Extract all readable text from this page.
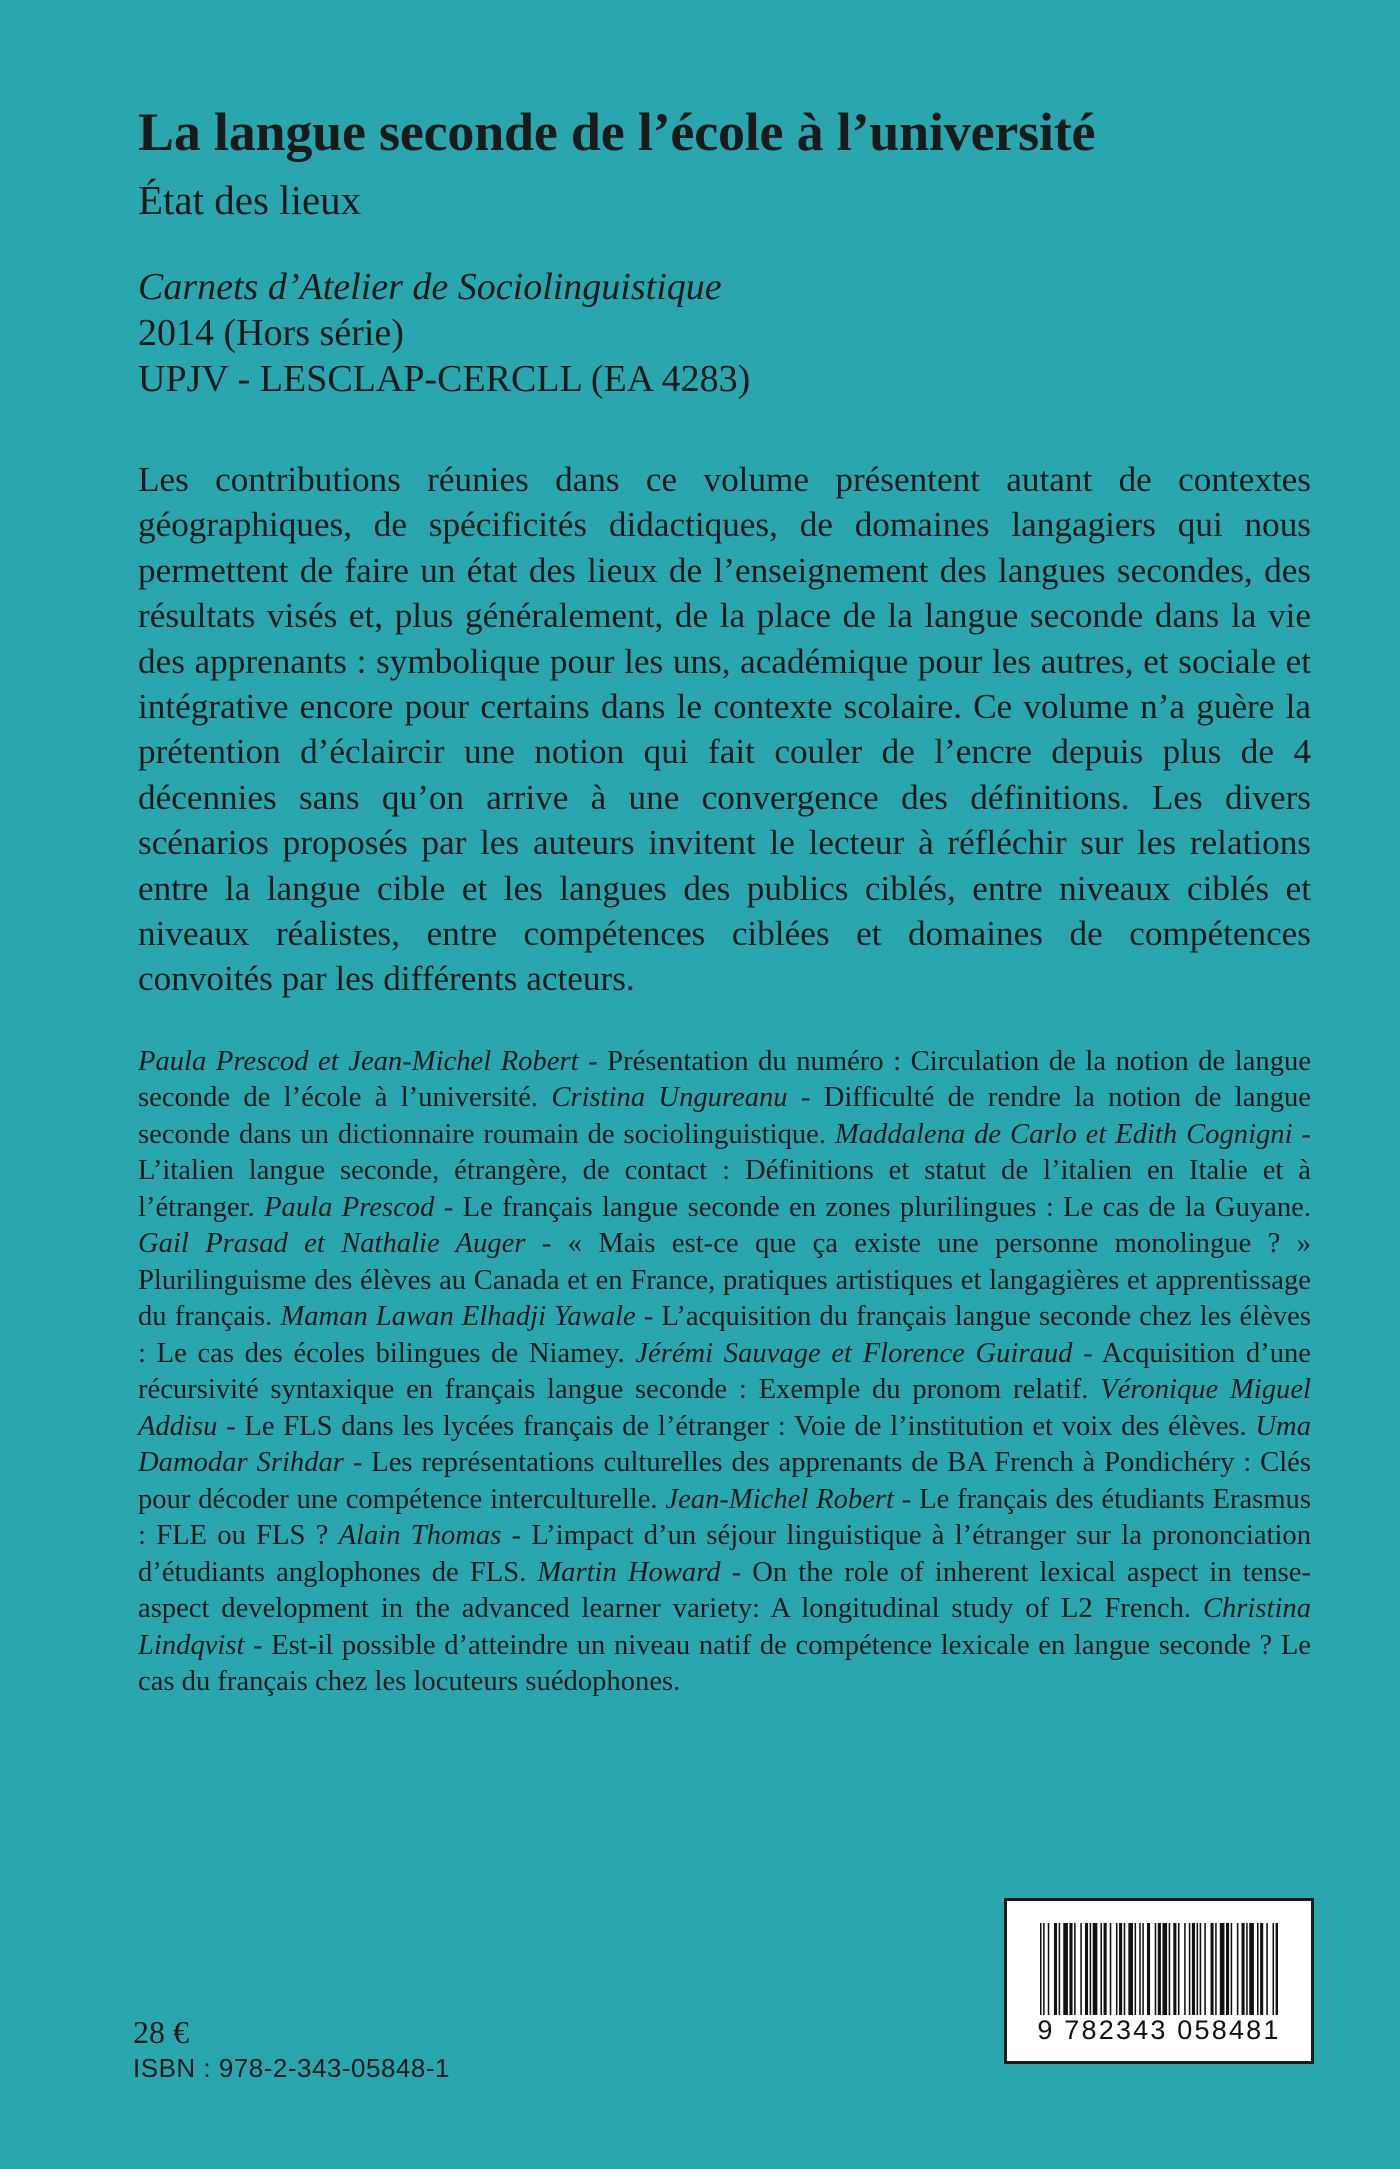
La langue seconde de l’école à l’université
État des lieux
Carnets d’Atelier de Sociolinguistique
2014 (Hors série)
UPJV - LESCLAP-CERCLL (EA 4283)

Les contributions réunies dans ce volume présentent autant de contextes géographiques, de spécificités didactiques, de domaines langagiers qui nous permettent de faire un état des lieux de l’enseignement des langues secondes, des résultats visés et, plus généralement, de la place de la langue seconde dans la vie des apprenants : symbolique pour les uns, académique pour les autres, et sociale et intégrative encore pour certains dans le contexte scolaire. Ce volume n’a guère la prétention d’éclaircir une notion qui fait couler de l’encre depuis plus de 4 décennies sans qu’on arrive à une convergence des définitions. Les divers scénarios proposés par les auteurs invitent le lecteur à réfléchir sur les relations entre la langue cible et les langues des publics ciblés, entre niveaux ciblés et niveaux réalistes, entre compétences ciblées et domaines de compétences convoités par les différents acteurs.

Paula Prescod et Jean-Michel Robert - Présentation du numéro : Circulation de la notion de langue seconde de l’école à l’université. Cristina Ungureanu - Difficulté de rendre la notion de langue seconde dans un dictionnaire roumain de sociolinguistique. Maddalena de Carlo et Edith Cognigni - L’italien langue seconde, étrangère, de contact : Définitions et statut de l’italien en Italie et à l’étranger. Paula Prescod - Le français langue seconde en zones plurilingues : Le cas de la Guyane. Gail Prasad et Nathalie Auger - « Mais est-ce que ça existe une personne monolingue ? » Plurilinguisme des élèves au Canada et en France, pratiques artistiques et langagières et apprentissage du français. Maman Lawan Elhadji Yawale - L’acquisition du français langue seconde chez les élèves : Le cas des écoles bilingues de Niamey. Jérémi Sauvage et Florence Guiraud - Acquisition d’une récursivité syntaxique en français langue seconde : Exemple du pronom relatif. Véronique Miguel Addisu - Le FLS dans les lycées français de l’étranger : Voie de l’institution et voix des élèves. Uma Damodar Srihdar - Les représentations culturelles des apprenants de BA French à Pondichéry : Clés pour décoder une compétence interculturelle. Jean-Michel Robert - Le français des étudiants Erasmus : FLE ou FLS ? Alain Thomas - L’impact d’un séjour linguistique à l’étranger sur la prononciation d’étudiants anglophones de FLS. Martin Howard - On the role of inherent lexical aspect in tense-aspect development in the advanced learner variety: A longitudinal study of L2 French. Christina Lindqvist - Est-il possible d’atteindre un niveau natif de compétence lexicale en langue seconde ? Le cas du français chez les locuteurs suédophones.

28 €
ISBN : 978-2-343-05848-1
9 782343 058481
